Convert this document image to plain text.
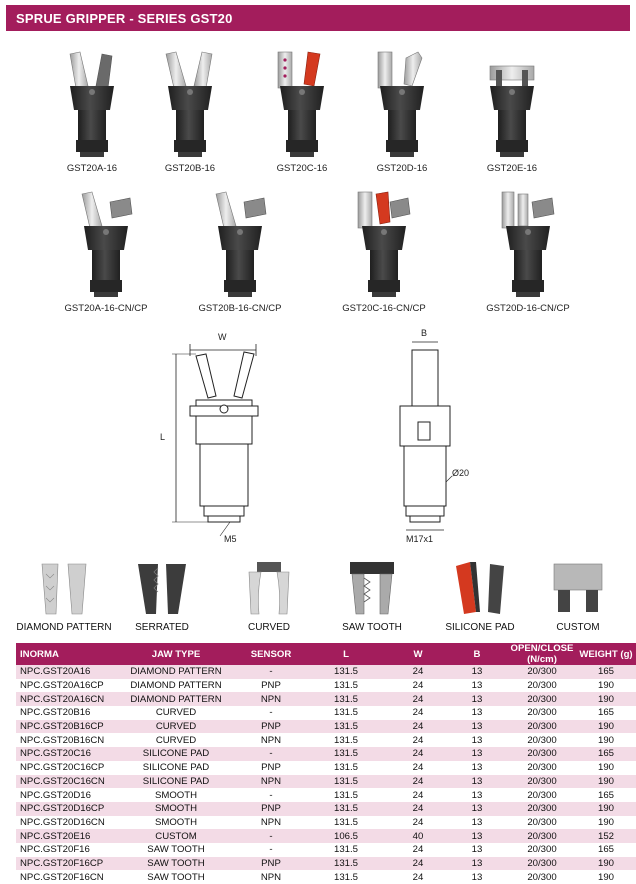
SPRUE GRIPPER - SERIES GST20
GST20A-16	GST20B-16	GST20C-16	GST20D-16	GST20E-16
GST20A-16-CN/CP	GST20B-16-CN/CP	GST20C-16-CN/CP	GST20D-16-CN/CP
W
L
M5
B
Ø20
M17x1
DIAMOND PATTERN	SERRATED	CURVED	SAW TOOTH	SILICONE PAD	CUSTOM
INORMA	JAW TYPE	SENSOR	L	W	B	OPEN/CLOSE (N/cm)	WEIGHT (g)
NPC.GST20A16	DIAMOND PATTERN	-	131.5	24	13	20/300	165
NPC.GST20A16CP	DIAMOND PATTERN	PNP	131.5	24	13	20/300	190
NPC.GST20A16CN	DIAMOND PATTERN	NPN	131.5	24	13	20/300	190
NPC.GST20B16	CURVED	-	131.5	24	13	20/300	165
NPC.GST20B16CP	CURVED	PNP	131.5	24	13	20/300	190
NPC.GST20B16CN	CURVED	NPN	131.5	24	13	20/300	190
NPC.GST20C16	SILICONE PAD	-	131.5	24	13	20/300	165
NPC.GST20C16CP	SILICONE PAD	PNP	131.5	24	13	20/300	190
NPC.GST20C16CN	SILICONE PAD	NPN	131.5	24	13	20/300	190
NPC.GST20D16	SMOOTH	-	131.5	24	13	20/300	165
NPC.GST20D16CP	SMOOTH	PNP	131.5	24	13	20/300	190
NPC.GST20D16CN	SMOOTH	NPN	131.5	24	13	20/300	190
NPC.GST20E16	CUSTOM	-	106.5	40	13	20/300	152
NPC.GST20F16	SAW TOOTH	-	131.5	24	13	20/300	165
NPC.GST20F16CP	SAW TOOTH	PNP	131.5	24	13	20/300	190
NPC.GST20F16CN	SAW TOOTH	NPN	131.5	24	13	20/300	190
